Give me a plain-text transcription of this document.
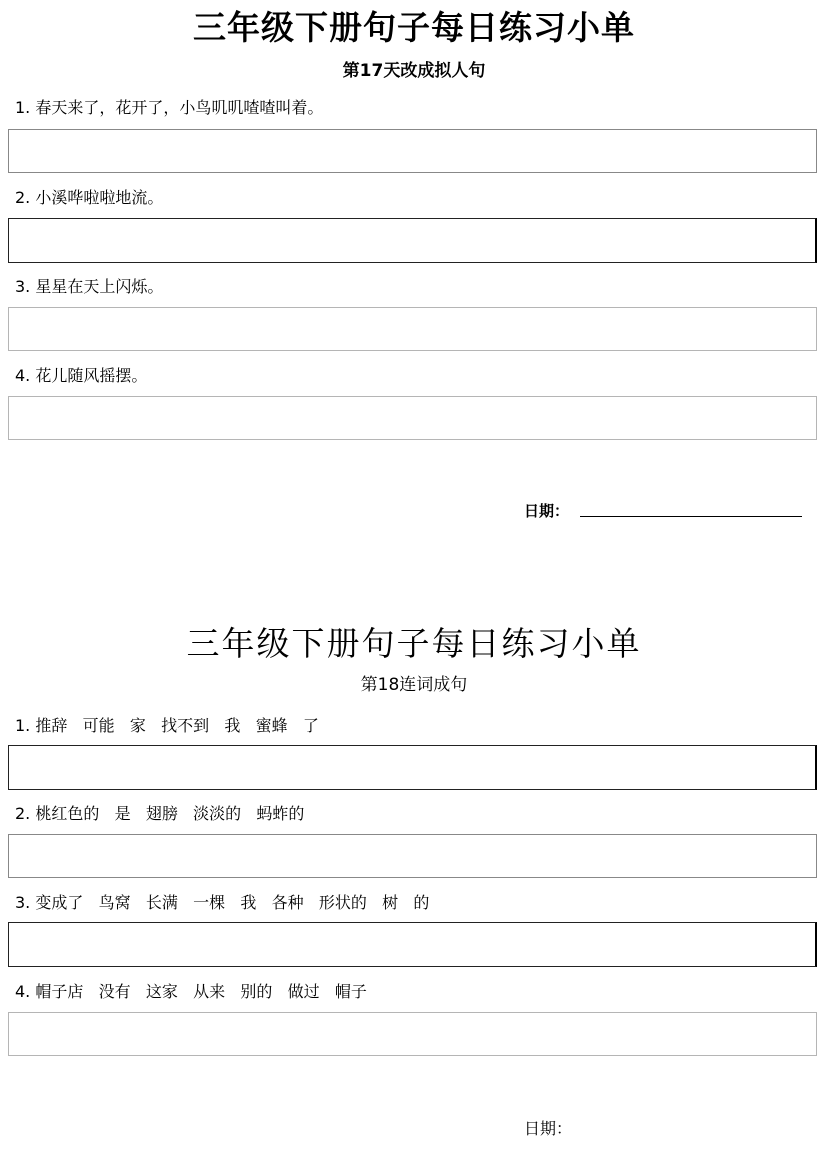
三年级下册句子每日练习小单
第17天改成拟人句
1. 春天来了，花开了，小鸟叽叽喳喳叫着。
2. 小溪哗啦啦地流。
3. 星星在天上闪烁。
4. 花儿随风摇摆。
日期：
三年级下册句子每日练习小单
第18连词成句
1. 推辞   可能   家   找不到   我   蜜蜂   了
2. 桃红色的   是   翅膀   淡淡的   蚂蚱的
3. 变成了   鸟窝   长满   一棵   我   各种   形状的   树   的
4. 帽子店   没有   这家   从来   别的   做过   帽子
日期：
